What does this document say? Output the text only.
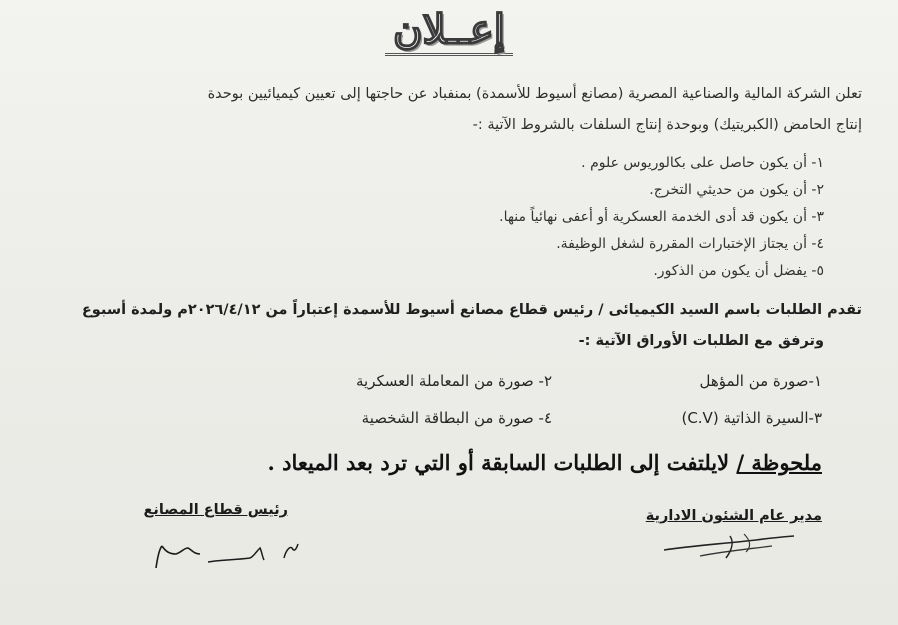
إعــلان
تعلن الشركة المالية والصناعية المصرية (مصانع أسيوط للأسمدة) بمنفباد عن حاجتها إلى تعيين كيميائيين بوحدة
إنتاج الحامض (الكبريتيك) وبوحدة إنتاج السلفات بالشروط الآتية :-
١- أن يكون حاصل على بكالوريوس علوم .
٢- أن يكون من حديثي التخرج.
٣- أن يكون قد أدى الخدمة العسكرية أو أعفى نهائياً منها.
٤- أن يجتاز الإختبارات المقررة لشغل الوظيفة.
٥- يفضل أن يكون من الذكور.
تقدم الطلبات باسم السيد الكيميائى / رئيس قطاع مصانع أسيوط للأسمدة إعتباراً من ٢٠٢٦/٤/١٢م ولمدة أسبوع
وترفق مع الطلبات الأوراق الآتية :-
١-صورة من المؤهل
٢- صورة من المعاملة العسكرية
٣-السيرة الذاتية (C.V)
٤- صورة من البطاقة الشخصية
ملحوظة / لايلتفت إلى الطلبات السابقة أو التي ترد بعد الميعاد .
مدير عام الشئون الادارية
رئيس قطاع المصانع
